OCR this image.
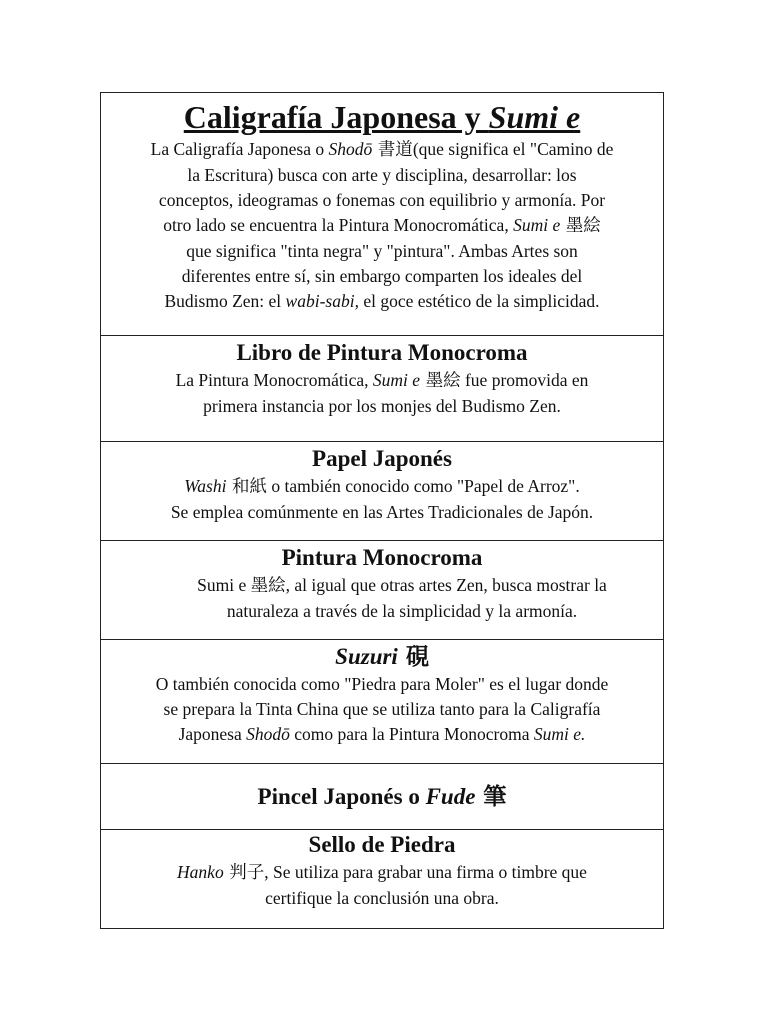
Caligrafía Japonesa y Sumi e

La Caligrafía Japonesa o Shodō 書道(que significa el "Camino de
la Escritura) busca con arte y disciplina, desarrollar: los
conceptos, ideogramas o fonemas con equilibrio y armonía. Por
otro lado se encuentra la Pintura Monocromática, Sumi e 墨絵
que significa "tinta negra" y "pintura". Ambas Artes son
diferentes entre sí, sin embargo comparten los ideales del
Budismo Zen: el wabi-sabi, el goce estético de la simplicidad.

Libro de Pintura Monocroma

La Pintura Monocromática, Sumi e 墨絵 fue promovida en
primera instancia por los monjes del Budismo Zen.

Papel Japonés

Washi 和紙 o también conocido como "Papel de Arroz".
Se emplea comúnmente en las Artes Tradicionales de Japón.

Pintura Monocroma

Sumi e 墨絵, al igual que otras artes Zen, busca mostrar la
naturaleza a través de la simplicidad y la armonía.

Suzuri 硯

O también conocida como "Piedra para Moler" es el lugar donde
se prepara la Tinta China que se utiliza tanto para la Caligrafía
Japonesa Shodō como para la Pintura Monocroma Sumi e.

Pincel Japonés o Fude 筆
Sello de Piedra

Hanko 判子, Se utiliza para grabar una firma o timbre que
certifique la conclusión una obra.
